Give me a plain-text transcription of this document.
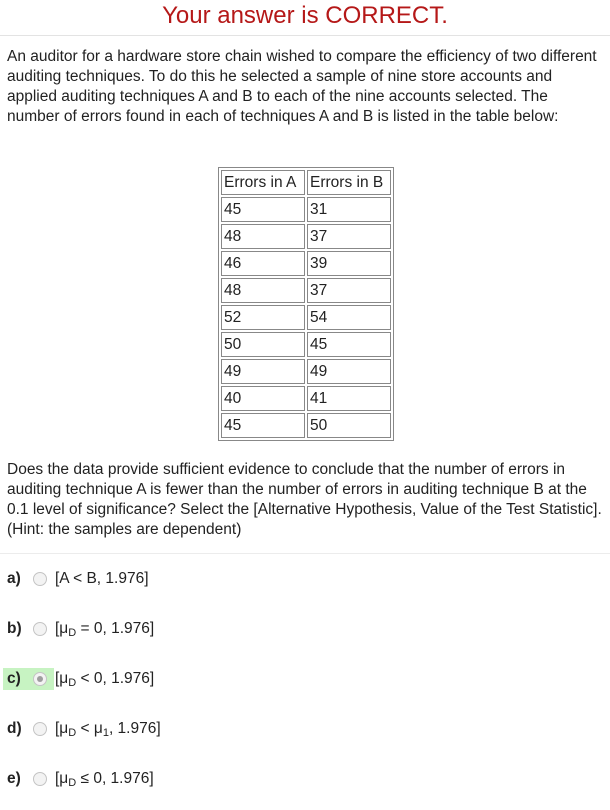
Your answer is CORRECT.
An auditor for a hardware store chain wished to compare the efficiency of two different auditing techniques. To do this he selected a sample of nine store accounts and applied auditing techniques A and B to each of the nine accounts selected. The number of errors found in each of techniques A and B is listed in the table below:
Errors in A	Errors in B
45	31
48	37
46	39
48	37
52	54
50	45
49	49
40	41
45	50
Does the data provide sufficient evidence to conclude that the number of errors in auditing technique A is fewer than the number of errors in auditing technique B at the 0.1 level of significance? Select the [Alternative Hypothesis, Value of the Test Statistic]. (Hint: the samples are dependent)
a) [A < B, 1.976]
b) [$\mu_D = 0$, 1.976]
c) [$\mu_D < 0$, 1.976]
d) [$\mu_D < \mu_1$, 1.976]
e) [$\mu_D \le 0$, 1.976]
